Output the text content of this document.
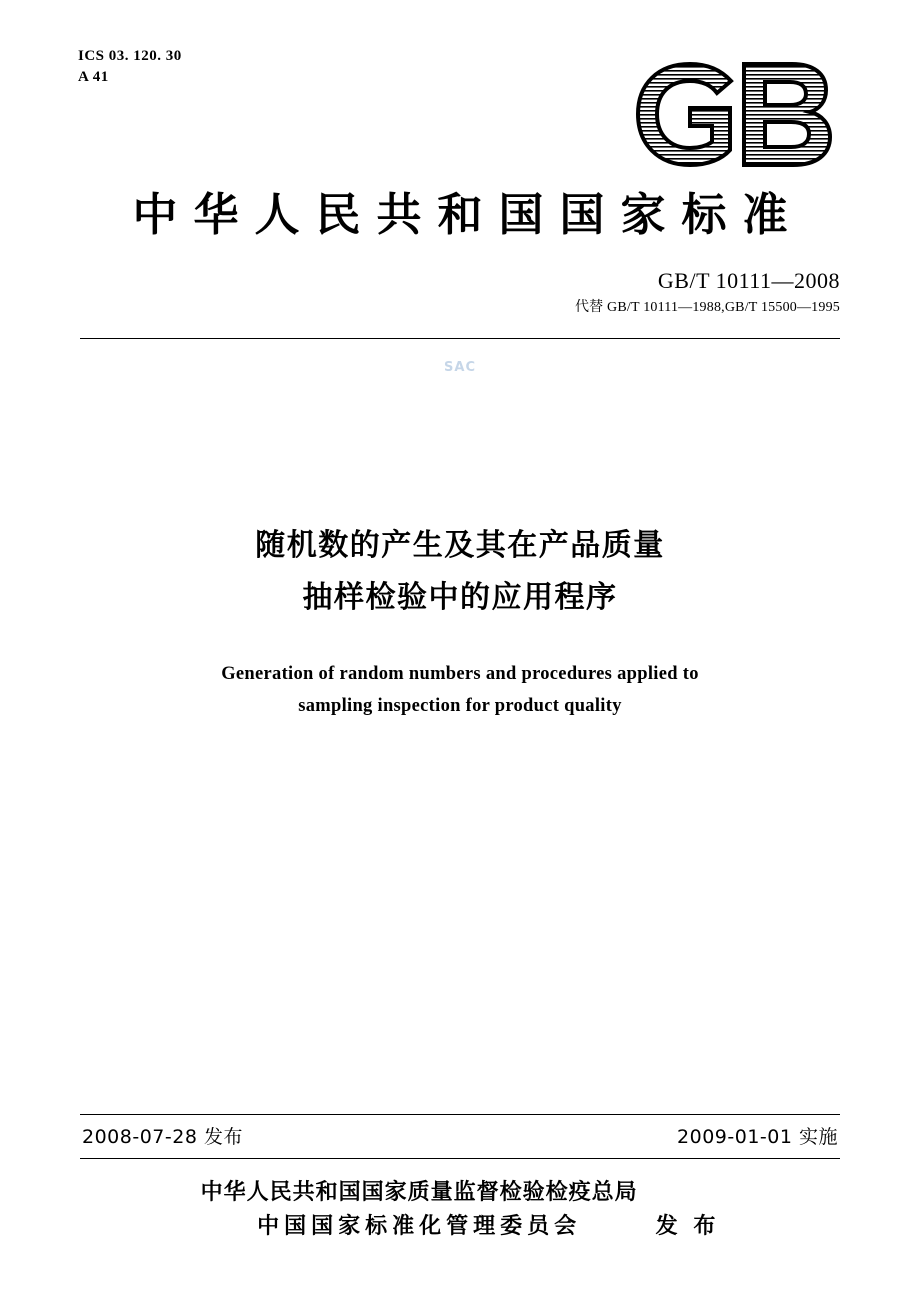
ICS 03. 120. 30
A 41
中华人民共和国国家标准
GB/T 10111—2008
代替 GB/T 10111—1988,GB/T 15500—1995
SAC
随机数的产生及其在产品质量
抽样检验中的应用程序
Generation of random numbers and procedures applied to
sampling inspection for product quality
2008-07-28 发布	2009-01-01 实施
中华人民共和国国家质量监督检验检疫总局
中国国家标准化管理委员会	发 布
